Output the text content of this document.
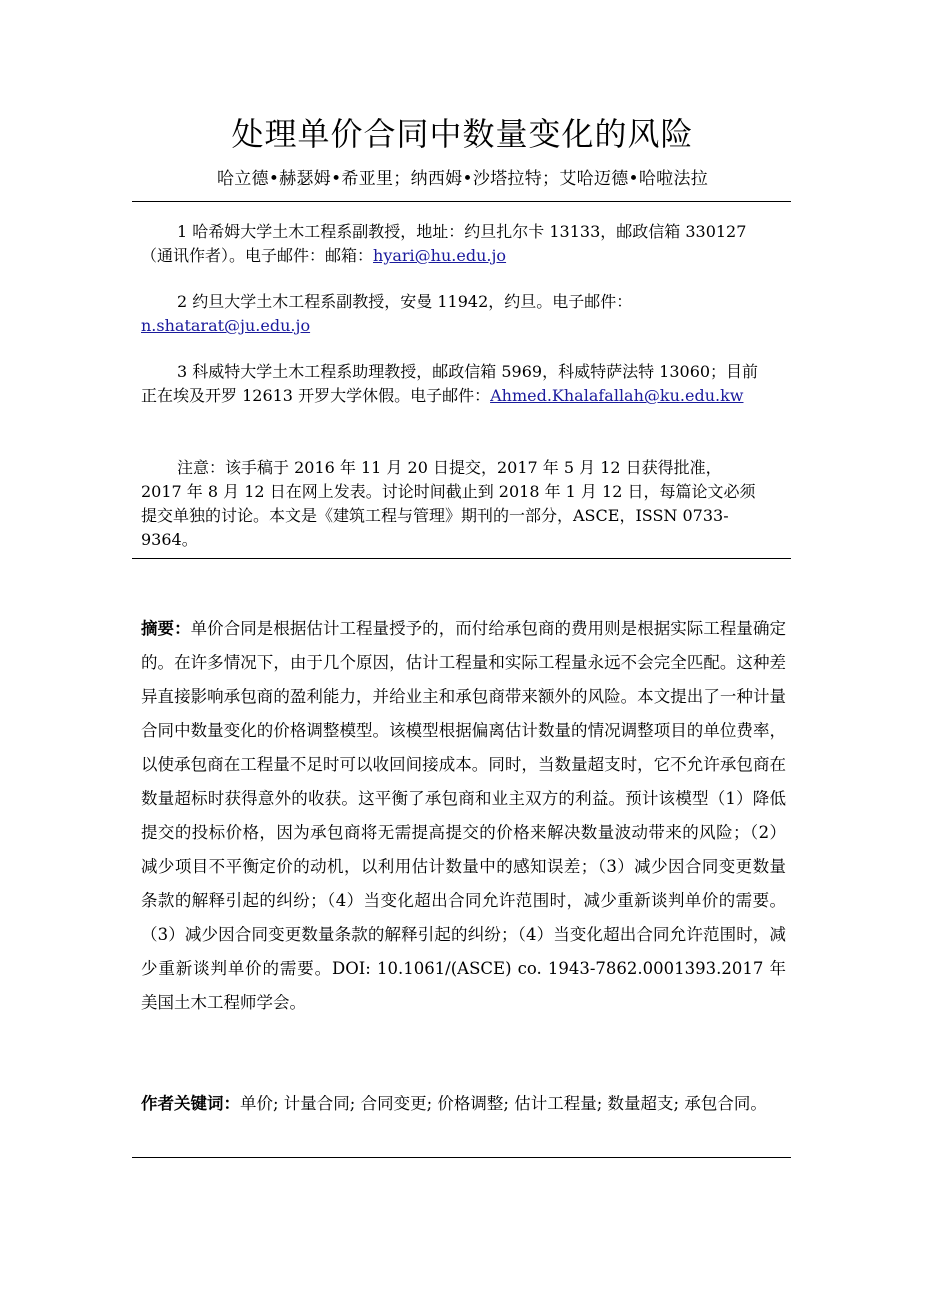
处理单价合同中数量变化的风险
哈立德•赫瑟姆•希亚里；纳西姆•沙塔拉特；艾哈迈德•哈啦法拉
1 哈希姆大学土木工程系副教授，地址：约旦扎尔卡 13133，邮政信箱 330127（通讯作者）。电子邮件：邮箱：hyari@hu.edu.jo
2 约旦大学土木工程系副教授，安曼 11942，约旦。电子邮件：n.shatarat@ju.edu.jo
3 科威特大学土木工程系助理教授，邮政信箱 5969，科威特萨法特 13060；目前正在埃及开罗 12613 开罗大学休假。电子邮件：Ahmed.Khalafallah@ku.edu.kw
注意：该手稿于 2016 年 11 月 20 日提交，2017 年 5 月 12 日获得批准，2017 年 8 月 12 日在网上发表。讨论时间截止到 2018 年 1 月 12 日，每篇论文必须提交单独的讨论。本文是《建筑工程与管理》期刊的一部分，ASCE，ISSN 0733-9364。
摘要：单价合同是根据估计工程量授予的，而付给承包商的费用则是根据实际工程量确定的。在许多情况下，由于几个原因，估计工程量和实际工程量永远不会完全匹配。这种差异直接影响承包商的盈利能力，并给业主和承包商带来额外的风险。本文提出了一种计量合同中数量变化的价格调整模型。该模型根据偏离估计数量的情况调整项目的单位费率，以使承包商在工程量不足时可以收回间接成本。同时，当数量超支时，它不允许承包商在数量超标时获得意外的收获。这平衡了承包商和业主双方的利益。预计该模型（1）降低提交的投标价格，因为承包商将无需提高提交的价格来解决数量波动带来的风险；（2）减少项目不平衡定价的动机，以利用估计数量中的感知误差；（3）减少因合同变更数量条款的解释引起的纠纷；（4）当变化超出合同允许范围时，减少重新谈判单价的需要。（3）减少因合同变更数量条款的解释引起的纠纷；（4）当变化超出合同允许范围时，减少重新谈判单价的需要。DOI: 10.1061/(ASCE) co. 1943-7862.0001393.2017 年美国土木工程师学会。
作者关键词：单价; 计量合同; 合同变更; 价格调整; 估计工程量; 数量超支; 承包合同。
